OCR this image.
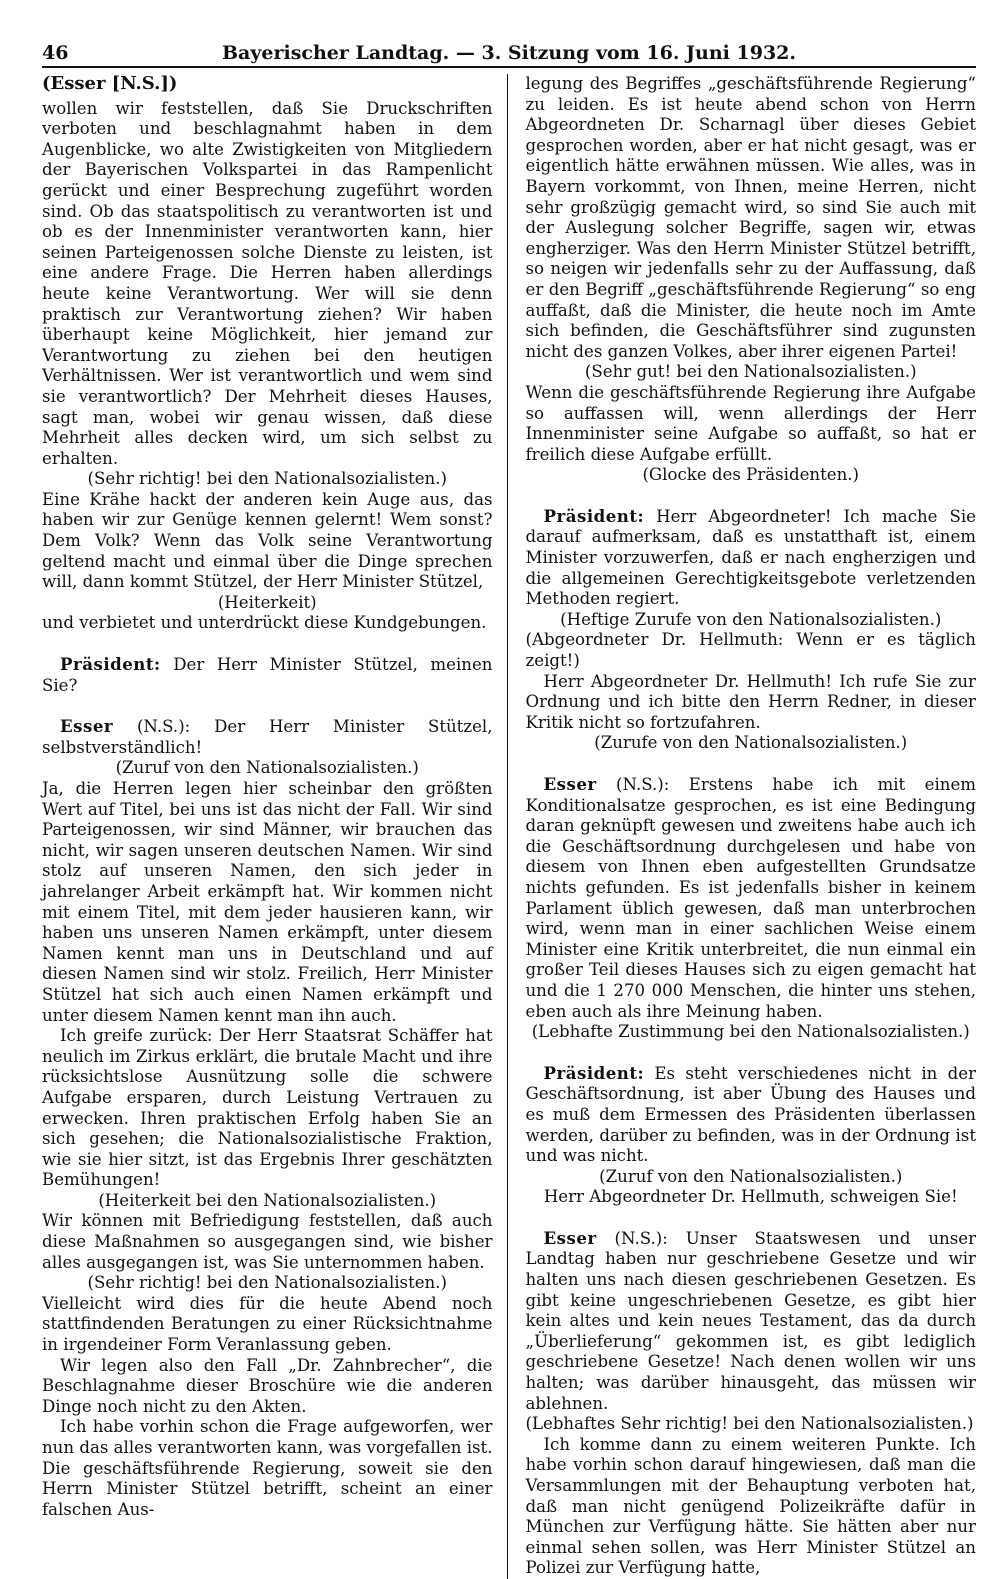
46	Bayerischer Landtag. — 3. Sitzung vom 16. Juni 1932.
(Esser [N.S.])

wollen wir feststellen, daß Sie Druckschriften verboten und beschlagnahmt haben in dem Augenblicke, wo alte Zwistigkeiten von Mitgliedern der Bayerischen Volkspartei in das Rampenlicht gerückt und einer Besprechung zugeführt worden sind. Ob das staatspolitisch zu verantworten ist und ob es der Innenminister verantworten kann, hier seinen Parteigenossen solche Dienste zu leisten, ist eine andere Frage. Die Herren haben allerdings heute keine Verantwortung. Wer will sie denn praktisch zur Verantwortung ziehen? Wir haben überhaupt keine Möglichkeit, hier jemand zur Verantwortung zu ziehen bei den heutigen Verhältnissen. Wer ist verantwortlich und wem sind sie verantwortlich? Der Mehrheit dieses Hauses, sagt man, wobei wir genau wissen, daß diese Mehrheit alles decken wird, um sich selbst zu erhalten.

(Sehr richtig! bei den Nationalsozialisten.)

Eine Krähe hackt der anderen kein Auge aus, das haben wir zur Genüge kennen gelernt! Wem sonst? Dem Volk? Wenn das Volk seine Verantwortung geltend macht und einmal über die Dinge sprechen will, dann kommt Stützel, der Herr Minister Stützel,

(Heiterkeit)

und verbietet und unterdrückt diese Kundgebungen.

Präsident: Der Herr Minister Stützel, meinen Sie?

Esser (N.S.): Der Herr Minister Stützel, selbstverständlich!

(Zuruf von den Nationalsozialisten.)

Ja, die Herren legen hier scheinbar den größten Wert auf Titel, bei uns ist das nicht der Fall. Wir sind Parteigenossen, wir sind Männer, wir brauchen das nicht, wir sagen unseren deutschen Namen. Wir sind stolz auf unseren Namen, den sich jeder in jahrelanger Arbeit erkämpft hat. Wir kommen nicht mit einem Titel, mit dem jeder hausieren kann, wir haben uns unseren Namen erkämpft, unter diesem Namen kennt man uns in Deutschland und auf diesen Namen sind wir stolz. Freilich, Herr Minister Stützel hat sich auch einen Namen erkämpft und unter diesem Namen kennt man ihn auch.

Ich greife zurück: Der Herr Staatsrat Schäffer hat neulich im Zirkus erklärt, die brutale Macht und ihre rücksichtslose Ausnützung solle die schwere Aufgabe ersparen, durch Leistung Vertrauen zu erwecken. Ihren praktischen Erfolg haben Sie an sich gesehen; die Nationalsozialistische Fraktion, wie sie hier sitzt, ist das Ergebnis Ihrer geschätzten Bemühungen!

(Heiterkeit bei den Nationalsozialisten.)

Wir können mit Befriedigung feststellen, daß auch diese Maßnahmen so ausgegangen sind, wie bisher alles ausgegangen ist, was Sie unternommen haben.

(Sehr richtig! bei den Nationalsozialisten.)

Vielleicht wird dies für die heute Abend noch stattfindenden Beratungen zu einer Rücksichtnahme in irgendeiner Form Veranlassung geben.

Wir legen also den Fall „Dr. Zahnbrecher“, die Beschlagnahme dieser Broschüre wie die anderen Dinge noch nicht zu den Akten.

Ich habe vorhin schon die Frage aufgeworfen, wer nun das alles verantworten kann, was vorgefallen ist. Die geschäftsführende Regierung, soweit sie den Herrn Minister Stützel betrifft, scheint an einer falschen Aus-

legung des Begriffes „geschäftsführende Regierung“ zu leiden. Es ist heute abend schon von Herrn Abgeordneten Dr. Scharnagl über dieses Gebiet gesprochen worden, aber er hat nicht gesagt, was er eigentlich hätte erwähnen müssen. Wie alles, was in Bayern vorkommt, von Ihnen, meine Herren, nicht sehr großzügig gemacht wird, so sind Sie auch mit der Auslegung solcher Begriffe, sagen wir, etwas engherziger. Was den Herrn Minister Stützel betrifft, so neigen wir jedenfalls sehr zu der Auffassung, daß er den Begriff „geschäftsführende Regierung“ so eng auffaßt, daß die Minister, die heute noch im Amte sich befinden, die Geschäftsführer sind zugunsten nicht des ganzen Volkes, aber ihrer eigenen Partei!

(Sehr gut! bei den Nationalsozialisten.)

Wenn die geschäftsführende Regierung ihre Aufgabe so auffassen will, wenn allerdings der Herr Innenminister seine Aufgabe so auffaßt, so hat er freilich diese Aufgabe erfüllt.

(Glocke des Präsidenten.)

Präsident: Herr Abgeordneter! Ich mache Sie darauf aufmerksam, daß es unstatthaft ist, einem Minister vorzuwerfen, daß er nach engherzigen und die allgemeinen Gerechtigkeitsgebote verletzenden Methoden regiert.

(Heftige Zurufe von den Nationalsozialisten.)

(Abgeordneter Dr. Hellmuth: Wenn er es täglich zeigt!)

Herr Abgeordneter Dr. Hellmuth! Ich rufe Sie zur Ordnung und ich bitte den Herrn Redner, in dieser Kritik nicht so fortzufahren.

(Zurufe von den Nationalsozialisten.)

Esser (N.S.): Erstens habe ich mit einem Konditionalsatze gesprochen, es ist eine Bedingung daran geknüpft gewesen und zweitens habe auch ich die Geschäftsordnung durchgelesen und habe von diesem von Ihnen eben aufgestellten Grundsatze nichts gefunden. Es ist jedenfalls bisher in keinem Parlament üblich gewesen, daß man unterbrochen wird, wenn man in einer sachlichen Weise einem Minister eine Kritik unterbreitet, die nun einmal ein großer Teil dieses Hauses sich zu eigen gemacht hat und die 1 270 000 Menschen, die hinter uns stehen, eben auch als ihre Meinung haben.

(Lebhafte Zustimmung bei den Nationalsozialisten.)

Präsident: Es steht verschiedenes nicht in der Geschäftsordnung, ist aber Übung des Hauses und es muß dem Ermessen des Präsidenten überlassen werden, darüber zu befinden, was in der Ordnung ist und was nicht.

(Zuruf von den Nationalsozialisten.)

Herr Abgeordneter Dr. Hellmuth, schweigen Sie!

Esser (N.S.): Unser Staatswesen und unser Landtag haben nur geschriebene Gesetze und wir halten uns nach diesen geschriebenen Gesetzen. Es gibt keine ungeschriebenen Gesetze, es gibt hier kein altes und kein neues Testament, das da durch „Überlieferung“ gekommen ist, es gibt lediglich geschriebene Gesetze! Nach denen wollen wir uns halten; was darüber hinausgeht, das müssen wir ablehnen.

(Lebhaftes Sehr richtig! bei den Nationalsozialisten.)

Ich komme dann zu einem weiteren Punkte. Ich habe vorhin schon darauf hingewiesen, daß man die Versammlungen mit der Behauptung verboten hat, daß man nicht genügend Polizeikräfte dafür in München zur Verfügung hätte. Sie hätten aber nur einmal sehen sollen, was Herr Minister Stützel an Polizei zur Verfügung hatte,
